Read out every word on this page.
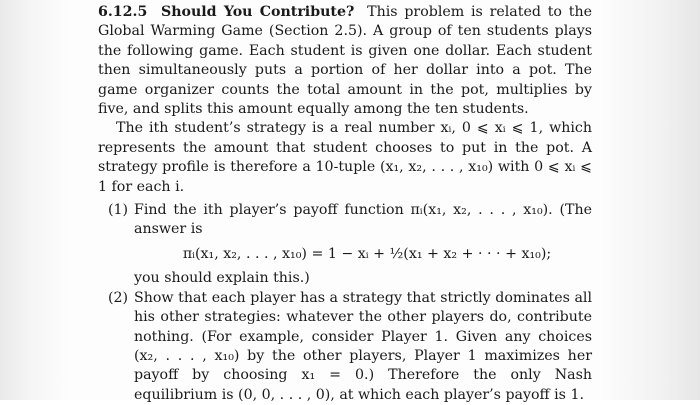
6.12.5 Should You Contribute? This problem is related to the Global Warming Game (Section 2.5). A group of ten students plays the following game. Each student is given one dollar. Each student then simultaneously puts a portion of her dollar into a pot. The game organizer counts the total amount in the pot, multiplies by five, and splits this amount equally among the ten students.

The ith student’s strategy is a real number xᵢ, 0 ⩽ xᵢ ⩽ 1, which represents the amount that student chooses to put in the pot. A strategy profile is therefore a 10-tuple (x₁, x₂, . . . , x₁₀) with 0 ⩽ xᵢ ⩽ 1 for each i.

(1) Find the ith player’s payoff function πᵢ(x₁, x₂, . . . , x₁₀). (The answer is
πᵢ(x₁, x₂, . . . , x₁₀) = 1 − xᵢ + ½(x₁ + x₂ + · · · + x₁₀);
you should explain this.)
(2) Show that each player has a strategy that strictly dominates all his other strategies: whatever the other players do, contribute nothing. (For example, consider Player 1. Given any choices (x₂, . . . , x₁₀) by the other players, Player 1 maximizes her payoff by choosing x₁ = 0.) Therefore the only Nash equilibrium is (0, 0, . . . , 0), at which each player’s payoff is 1.
